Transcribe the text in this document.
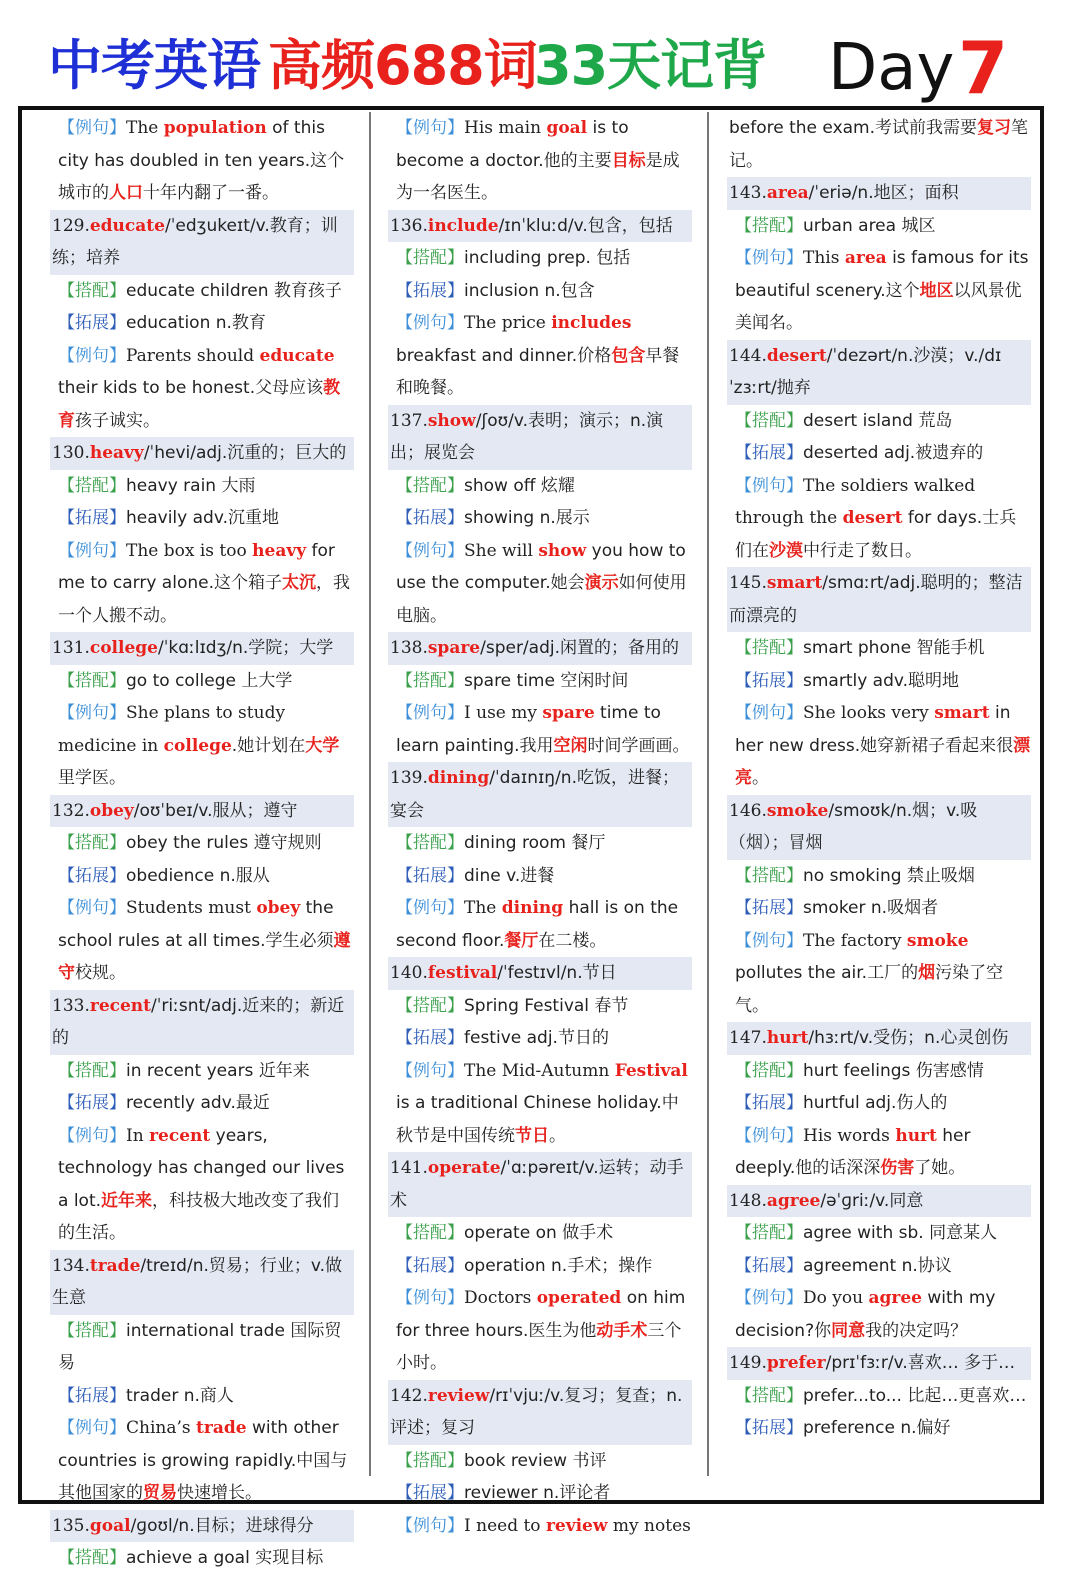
中考英语 高频688词
33天记背 Day 7
【例句】The population of this city has doubled in ten years.这个城市的人口十年内翻了一番。
129.educate/ˈedʒukeɪt/v.教育；训练；培养
【搭配】educate children 教育孩子
【拓展】education n.教育
【例句】Parents should educate their kids to be honest.父母应该教育孩子诚实。
130.heavy/ˈhevi/adj.沉重的；巨大的
【搭配】heavy rain 大雨
【拓展】heavily adv.沉重地
【例句】The box is too heavy for me to carry alone.这个箱子太沉，我一个人搬不动。
131.college/ˈkɑːlɪdʒ/n.学院；大学
【搭配】go to college 上大学
【例句】She plans to study medicine in college.她计划在大学里学医。
132.obey/oʊˈbeɪ/v.服从；遵守
【搭配】obey the rules 遵守规则
【拓展】obedience n.服从
【例句】Students must obey the school rules at all times.学生必须遵守校规。
133.recent/ˈriːsnt/adj.近来的；新近的
【搭配】in recent years 近年来
【拓展】recently adv.最近
【例句】In recent years, technology has changed our lives a lot.近年来，科技极大地改变了我们的生活。
134.trade/treɪd/n.贸易；行业；v.做生意
【搭配】international trade 国际贸易
【拓展】trader n.商人
【例句】China’s trade with other countries is growing rapidly.中国与其他国家的贸易快速增长。
135.goal/ɡoʊl/n.目标；进球得分
【搭配】achieve a goal 实现目标
【例句】His main goal is to become a doctor.他的主要目标是成为一名医生。
136.include/ɪnˈkluːd/v.包含，包括
【搭配】including prep. 包括
【拓展】inclusion n.包含
【例句】The price includes breakfast and dinner.价格包含早餐和晚餐。
137.show/ʃoʊ/v.表明；演示；n.演出；展览会
【搭配】show off 炫耀
【拓展】showing n.展示
【例句】She will show you how to use the computer.她会演示如何使用电脑。
138.spare/sper/adj.闲置的；备用的
【搭配】spare time 空闲时间
【例句】I use my spare time to learn painting.我用空闲时间学画画。
139.dining/ˈdaɪnɪŋ/n.吃饭，进餐；宴会
【搭配】dining room 餐厅
【拓展】dine v.进餐
【例句】The dining hall is on the second floor.餐厅在二楼。
140.festival/ˈfestɪvl/n.节日
【搭配】Spring Festival 春节
【拓展】festive adj.节日的
【例句】The Mid-Autumn Festival is a traditional Chinese holiday.中秋节是中国传统节日。
141.operate/ˈɑːpəreɪt/v.运转；动手术
【搭配】operate on 做手术
【拓展】operation n.手术；操作
【例句】Doctors operated on him for three hours.医生为他动手术三个小时。
142.review/rɪˈvjuː/v.复习；复查；n.评述；复习
【搭配】book review 书评
【拓展】reviewer n.评论者
【例句】I need to review my notes
before the exam.考试前我需要复习笔记。
143.area/ˈeriə/n.地区；面积
【搭配】urban area 城区
【例句】This area is famous for its beautiful scenery.这个地区以风景优美闻名。
144.desert/ˈdezərt/n.沙漠；v./dɪˈzɜːrt/抛弃
【搭配】desert island 荒岛
【拓展】deserted adj.被遗弃的
【例句】The soldiers walked through the desert for days.士兵们在沙漠中行走了数日。
145.smart/smɑːrt/adj.聪明的；整洁而漂亮的
【搭配】smart phone 智能手机
【拓展】smartly adv.聪明地
【例句】She looks very smart in her new dress.她穿新裙子看起来很漂亮。
146.smoke/smoʊk/n.烟；v.吸（烟）；冒烟
【搭配】no smoking 禁止吸烟
【拓展】smoker n.吸烟者
【例句】The factory smoke pollutes the air.工厂的烟污染了空气。
147.hurt/hɜːrt/v.受伤；n.心灵创伤
【搭配】hurt feelings 伤害感情
【拓展】hurtful adj.伤人的
【例句】His words hurt her deeply.他的话深深伤害了她。
148.agree/əˈɡriː/v.同意
【搭配】agree with sb. 同意某人
【拓展】agreement n.协议
【例句】Do you agree with my decision?你同意我的决定吗？
149.prefer/prɪˈfɜːr/v.喜欢… 多于…
【搭配】prefer...to... 比起…更喜欢…
【拓展】preference n.偏好
